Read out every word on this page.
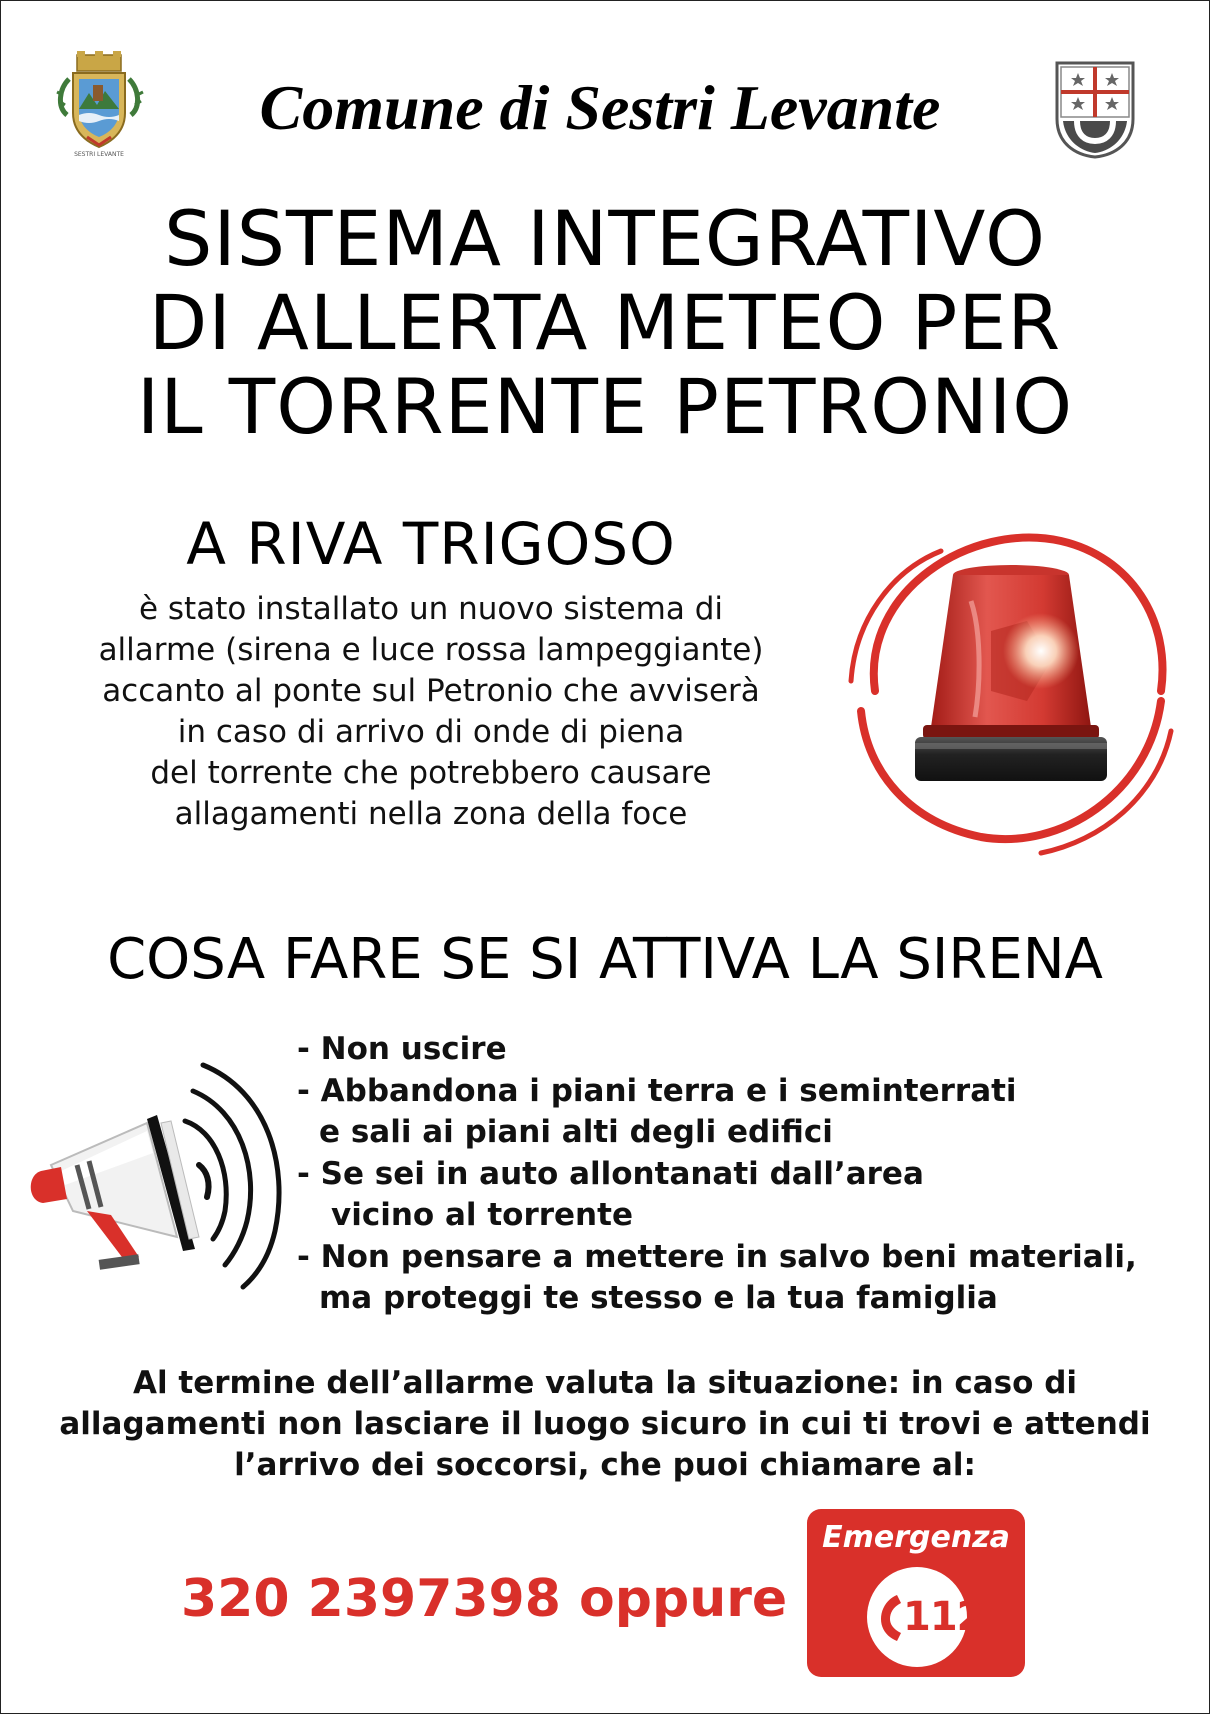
SESTRI LEVANTE
Comune di Sestri Levante
SISTEMA INTEGRATIVO
DI ALLERTA METEO PER
IL TORRENTE PETRONIO
A RIVA TRIGOSO
è stato installato un nuovo sistema di
allarme (sirena e luce rossa lampeggiante)
accanto al ponte sul Petronio che avviserà
in caso di arrivo di onde di piena
del torrente che potrebbero causare
allagamenti nella zona della foce
COSA FARE SE SI ATTIVA LA SIRENA
- Non uscire
- Abbandona i piani terra e i seminterrati
e sali ai piani alti degli edifici
- Se sei in auto allontanati dall’area
vicino al torrente
- Non pensare a mettere in salvo beni materiali,
ma proteggi te stesso e la tua famiglia
Al termine dell’allarme valuta la situazione: in caso di
allagamenti non lasciare il luogo sicuro in cui ti trovi e attendi
l’arrivo dei soccorsi, che puoi chiamare al:
320 2397398 oppure
Emergenza
112
